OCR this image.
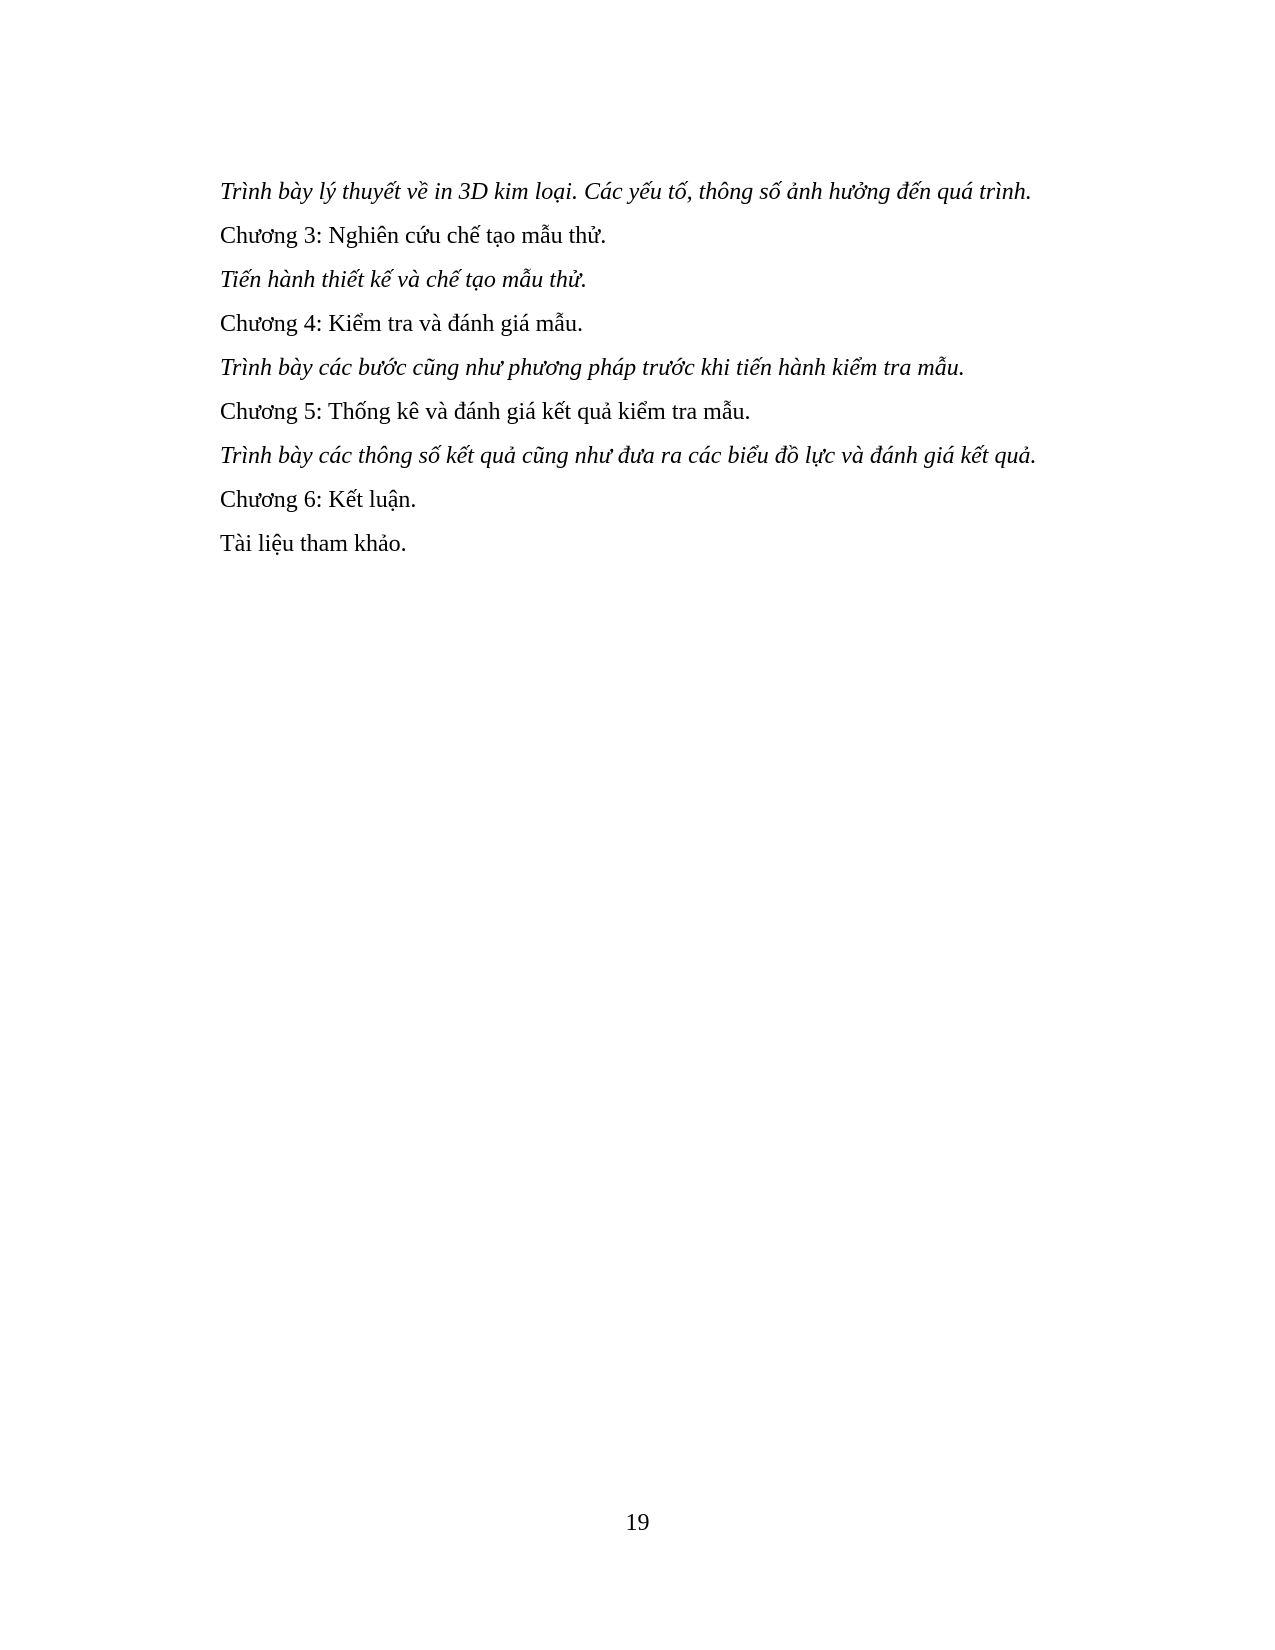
Trình bày lý thuyết về in 3D kim loại. Các yếu tố, thông số ảnh hưởng đến quá trình.
Chương 3: Nghiên cứu chế tạo mẫu thử.
Tiến hành thiết kế và chế tạo mẫu thử.
Chương 4: Kiểm tra và đánh giá mẫu.
Trình bày các bước cũng như phương pháp trước khi tiến hành kiểm tra mẫu.
Chương 5: Thống kê và đánh giá kết quả kiểm tra mẫu.
Trình bày các thông số kết quả cũng như đưa ra các biểu đồ lực và đánh giá kết quả.
Chương 6: Kết luận.
Tài liệu tham khảo.
19
